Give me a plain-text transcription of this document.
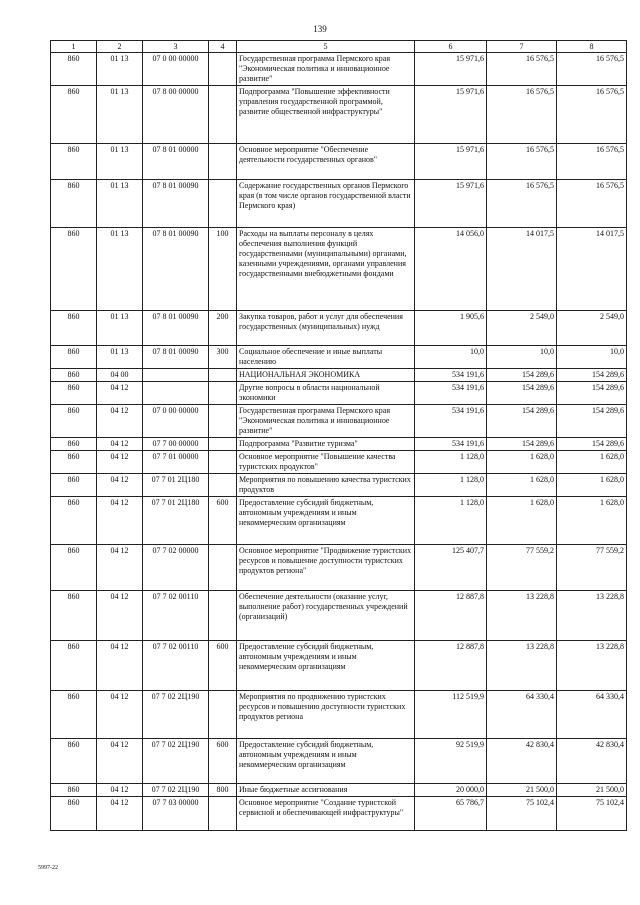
139
1	2	3	4	5	6	7	8
860	01 13	07 0 00 00000		Государственная программа Пермского края "Экономическая политика и инновационное развитие"	15 971,6	16 576,5	16 576,5
860	01 13	07 8 00 00000		Подпрограмма "Повышение эффективности управления государственной программой, развитие общественной инфраструктуры"	15 971,6	16 576,5	16 576,5
860	01 13	07 8 01 00000		Основное мероприятие "Обеспечение деятельности государственных органов"	15 971,6	16 576,5	16 576,5
860	01 13	07 8 01 00090		Содержание государственных органов Пермского края (в том числе органов государственной власти Пермского края)	15 971,6	16 576,5	16 576,5
860	01 13	07 8 01 00090	100	Расходы на выплаты персоналу в целях обеспечения выполнения функций государственными (муниципальными) органами, казенными учреждениями, органами управления государственными внебюджетными фондами	14 056,0	14 017,5	14 017,5
860	01 13	07 8 01 00090	200	Закупка товаров, работ и услуг для обеспечения государственных (муниципальных) нужд	1 905,6	2 549,0	2 549,0
860	01 13	07 8 01 00090	300	Социальное обеспечение и иные выплаты населению	10,0	10,0	10,0
860	04 00			НАЦИОНАЛЬНАЯ ЭКОНОМИКА	534 191,6	154 289,6	154 289,6
860	04 12			Другие вопросы в области национальной экономики	534 191,6	154 289,6	154 289,6
860	04 12	07 0 00 00000		Государственная программа Пермского края "Экономическая политика и инновационное развитие"	534 191,6	154 289,6	154 289,6
860	04 12	07 7 00 00000		Подпрограмма "Развитие туризма"	534 191,6	154 289,6	154 289,6
860	04 12	07 7 01 00000		Основное мероприятие "Повышение качества туристских продуктов"	1 128,0	1 628,0	1 628,0
860	04 12	07 7 01 2Ц180		Мероприятия по повышению качества туристских продуктов	1 128,0	1 628,0	1 628,0
860	04 12	07 7 01 2Ц180	600	Предоставление субсидий бюджетным, автономным учреждениям и иным некоммерческим организациям	1 128,0	1 628,0	1 628,0
860	04 12	07 7 02 00000		Основное мероприятие "Продвижение туристских ресурсов и повышение доступности туристских продуктов региона"	125 407,7	77 559,2	77 559,2
860	04 12	07 7 02 00110		Обеспечение деятельности (оказание услуг, выполнение работ) государственных учреждений (организаций)	12 887,8	13 228,8	13 228,8
860	04 12	07 7 02 00110	600	Предоставление субсидий бюджетным, автономным учреждениям и иным некоммерческим организациям	12 887,8	13 228,8	13 228,8
860	04 12	07 7 02 2Ц190		Мероприятия по продвижению туристских ресурсов и повышению доступности туристских продуктов региона	112 519,9	64 330,4	64 330,4
860	04 12	07 7 02 2Ц190	600	Предоставление субсидий бюджетным, автономным учреждениям и иным некоммерческим организациям	92 519,9	42 830,4	42 830,4
860	04 12	07 7 02 2Ц190	800	Иные бюджетные ассигнования	20 000,0	21 500,0	21 500,0
860	04 12	07 7 03 00000		Основное мероприятие "Создание туристской сервисной и обеспечивающей инфраструктуры"	65 786,7	75 102,4	75 102,4
5997-22
